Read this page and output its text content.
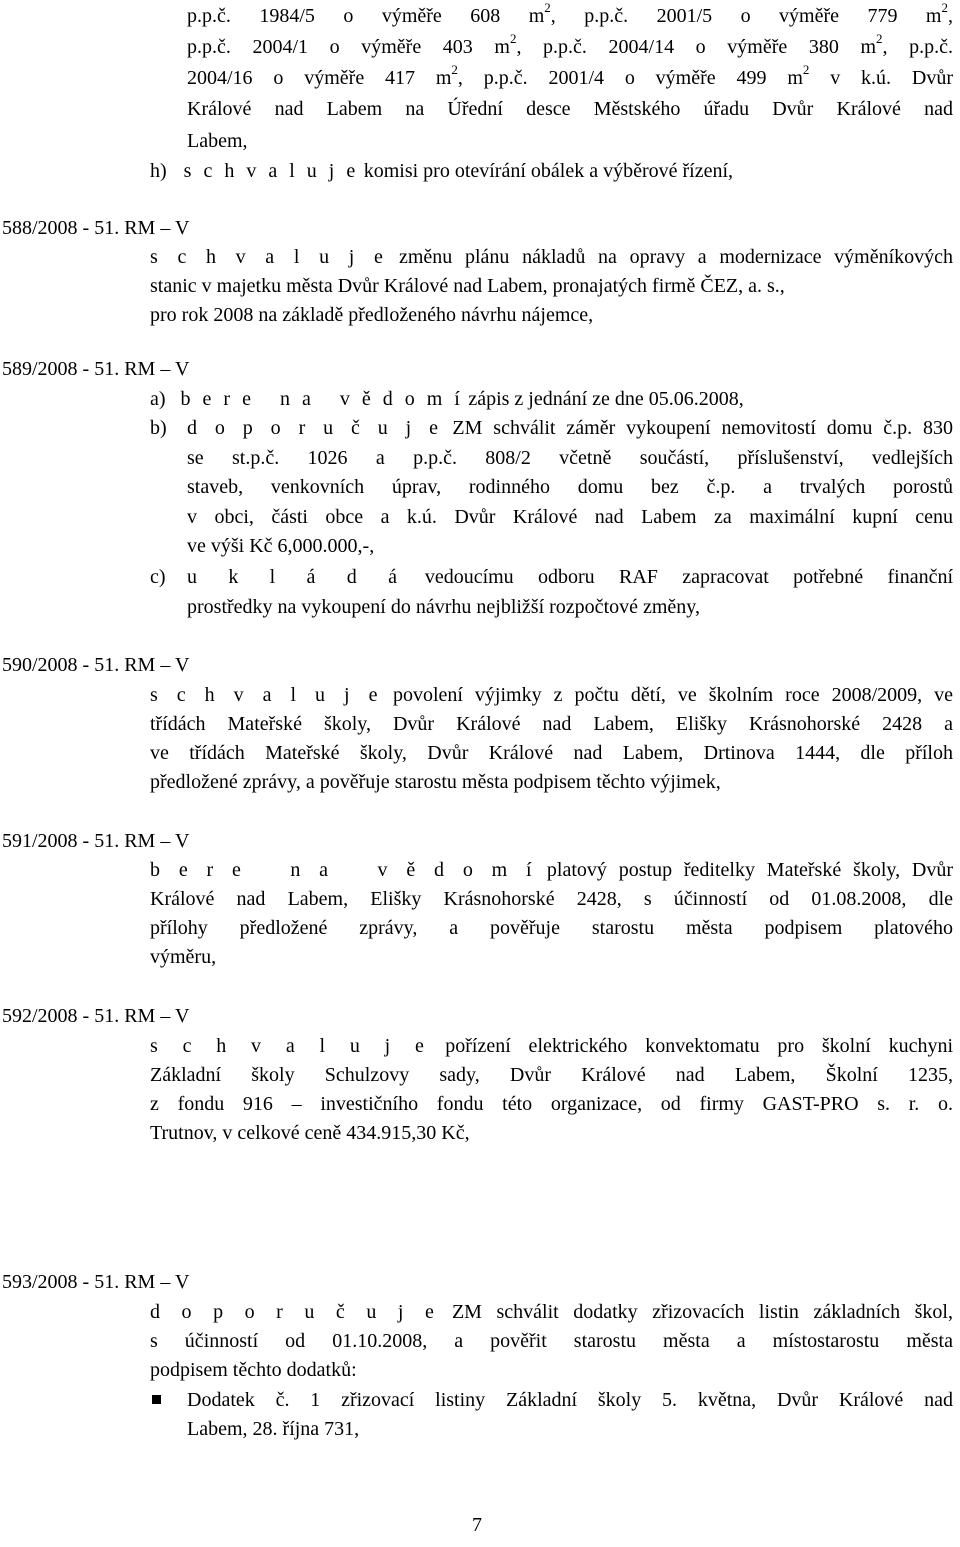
p.p.č. 1984/5 o výměře 608 $m^2$, p.p.č. 2001/5 o výměře 779 $m^2$,
p.p.č. 2004/1 o výměře 403 $m^2$, p.p.č. 2004/14 o výměře 380 $m^2$, p.p.č.
2004/16 o výměře 417 $m^2$, p.p.č. 2001/4 o výměře 499 $m^2$ v k.ú. Dvůr
Králové nad Labem na Úřední desce Městského úřadu Dvůr Králové nad
Labem,
h) s c h v a l u j e komisi pro otevírání obálek a výběrové řízení,
588/2008 - 51. RM – V
s c h v a l u j e změnu plánu nákladů na opravy a modernizace výměníkových
stanic v majetku města Dvůr Králové nad Labem, pronajatých firmě ČEZ, a. s.,
pro rok 2008 na základě předloženého návrhu nájemce,
589/2008 - 51. RM – V
a) b e r e   n a   v ě d o m í zápis z jednání ze dne 05.06.2008,
b) d o p o r u č u j e ZM schválit záměr vykoupení nemovitostí domu č.p. 830
se st.p.č. 1026 a p.p.č. 808/2 včetně součástí, příslušenství, vedlejších
staveb, venkovních úprav, rodinného domu bez č.p. a trvalých porostů
v obci, části obce a k.ú. Dvůr Králové nad Labem za maximální kupní cenu
ve výši Kč 6,000.000,-,
c) u k l á d á vedoucímu odboru RAF zapracovat potřebné finanční
prostředky na vykoupení do návrhu nejbližší rozpočtové změny,
590/2008 - 51. RM – V
s c h v a l u j e povolení výjimky z počtu dětí, ve školním roce 2008/2009, ve
třídách Mateřské školy, Dvůr Králové nad Labem, Elišky Krásnohorské 2428 a
ve třídách Mateřské školy, Dvůr Králové nad Labem, Drtinova 1444, dle příloh
předložené zprávy, a pověřuje starostu města podpisem těchto výjimek,
591/2008 - 51. RM – V
b e r e   n a   v ě d o m í platový postup ředitelky Mateřské školy, Dvůr
Králové nad Labem, Elišky Krásnohorské 2428, s účinností od 01.08.2008, dle
přílohy předložené zprávy, a pověřuje starostu města podpisem platového
výměru,
592/2008 - 51. RM – V
s c h v a l u j e pořízení elektrického konvektomatu pro školní kuchyni
Základní školy Schulzovy sady, Dvůr Králové nad Labem, Školní 1235,
z fondu 916 – investičního fondu této organizace, od firmy GAST-PRO s. r. o.
Trutnov, v celkové ceně 434.915,30 Kč,
593/2008 - 51. RM – V
d o p o r u č u j e ZM schválit dodatky zřizovacích listin základních škol,
s účinností od 01.10.2008, a pověřit starostu města a místostarostu města
podpisem těchto dodatků:
Dodatek č. 1 zřizovací listiny Základní školy 5. května, Dvůr Králové nad
Labem, 28. října 731,
7
